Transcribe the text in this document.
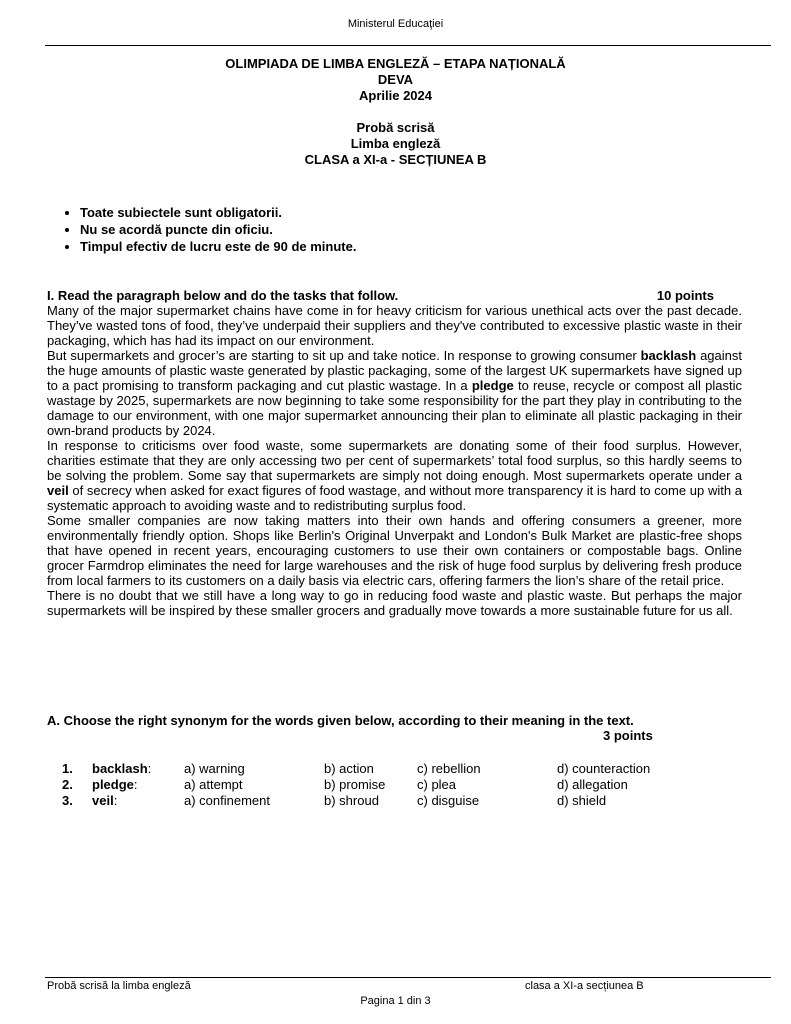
Ministerul Educaţiei
OLIMPIADA DE LIMBA ENGLEZĂ – ETAPA NAȚIONALĂ
DEVA
Aprilie 2024
Probă scrisă
Limba engleză
CLASA a XI-a - SECȚIUNEA B
• Toate subiectele sunt obligatorii.
• Nu se acordă puncte din oficiu.
• Timpul efectiv de lucru este de 90 de minute.
I. Read the paragraph below and do the tasks that follow.	10 points

Many of the major supermarket chains have come in for heavy criticism for various unethical acts over the past decade. They’ve wasted tons of food, they’ve underpaid their suppliers and they've contributed to excessive plastic waste in their packaging, which has had its impact on our environment.

But supermarkets and grocer’s are starting to sit up and take notice. In response to growing consumer backlash against the huge amounts of plastic waste generated by plastic packaging, some of the largest UK supermarkets have signed up to a pact promising to transform packaging and cut plastic wastage. In a pledge to reuse, recycle or compost all plastic wastage by 2025, supermarkets are now beginning to take some responsibility for the part they play in contributing to the damage to our environment, with one major supermarket announcing their plan to eliminate all plastic packaging in their own-brand products by 2024.

In response to criticisms over food waste, some supermarkets are donating some of their food surplus. However, charities estimate that they are only accessing two per cent of supermarkets’ total food surplus, so this hardly seems to be solving the problem. Some say that supermarkets are simply not doing enough. Most supermarkets operate under a veil of secrecy when asked for exact figures of food wastage, and without more transparency it is hard to come up with a systematic approach to avoiding waste and to redistributing surplus food.

Some smaller companies are now taking matters into their own hands and offering consumers a greener, more environmentally friendly option. Shops like Berlin's Original Unverpakt and London's Bulk Market are plastic-free shops that have opened in recent years, encouraging customers to use their own containers or compostable bags. Online grocer Farmdrop eliminates the need for large warehouses and the risk of huge food surplus by delivering fresh produce from local farmers to its customers on a daily basis via electric cars, offering farmers the lion’s share of the retail price.

There is no doubt that we still have a long way to go in reducing food waste and plastic waste. But perhaps the major supermarkets will be inspired by these smaller grocers and gradually move towards a more sustainable future for us all.

A. Choose the right synonym for the words given below, according to their meaning in the text.
3 points
1.	backlash:	a) warning	b) action	c) rebellion	d) counteraction
2.	pledge:	a) attempt	b) promise	c) plea	d) allegation
3.	veil:	a) confinement	b) shroud	c) disguise	d) shield
Probă scrisă la limba engleză	clasa a XI-a secțiunea B
Pagina 1 din 3
